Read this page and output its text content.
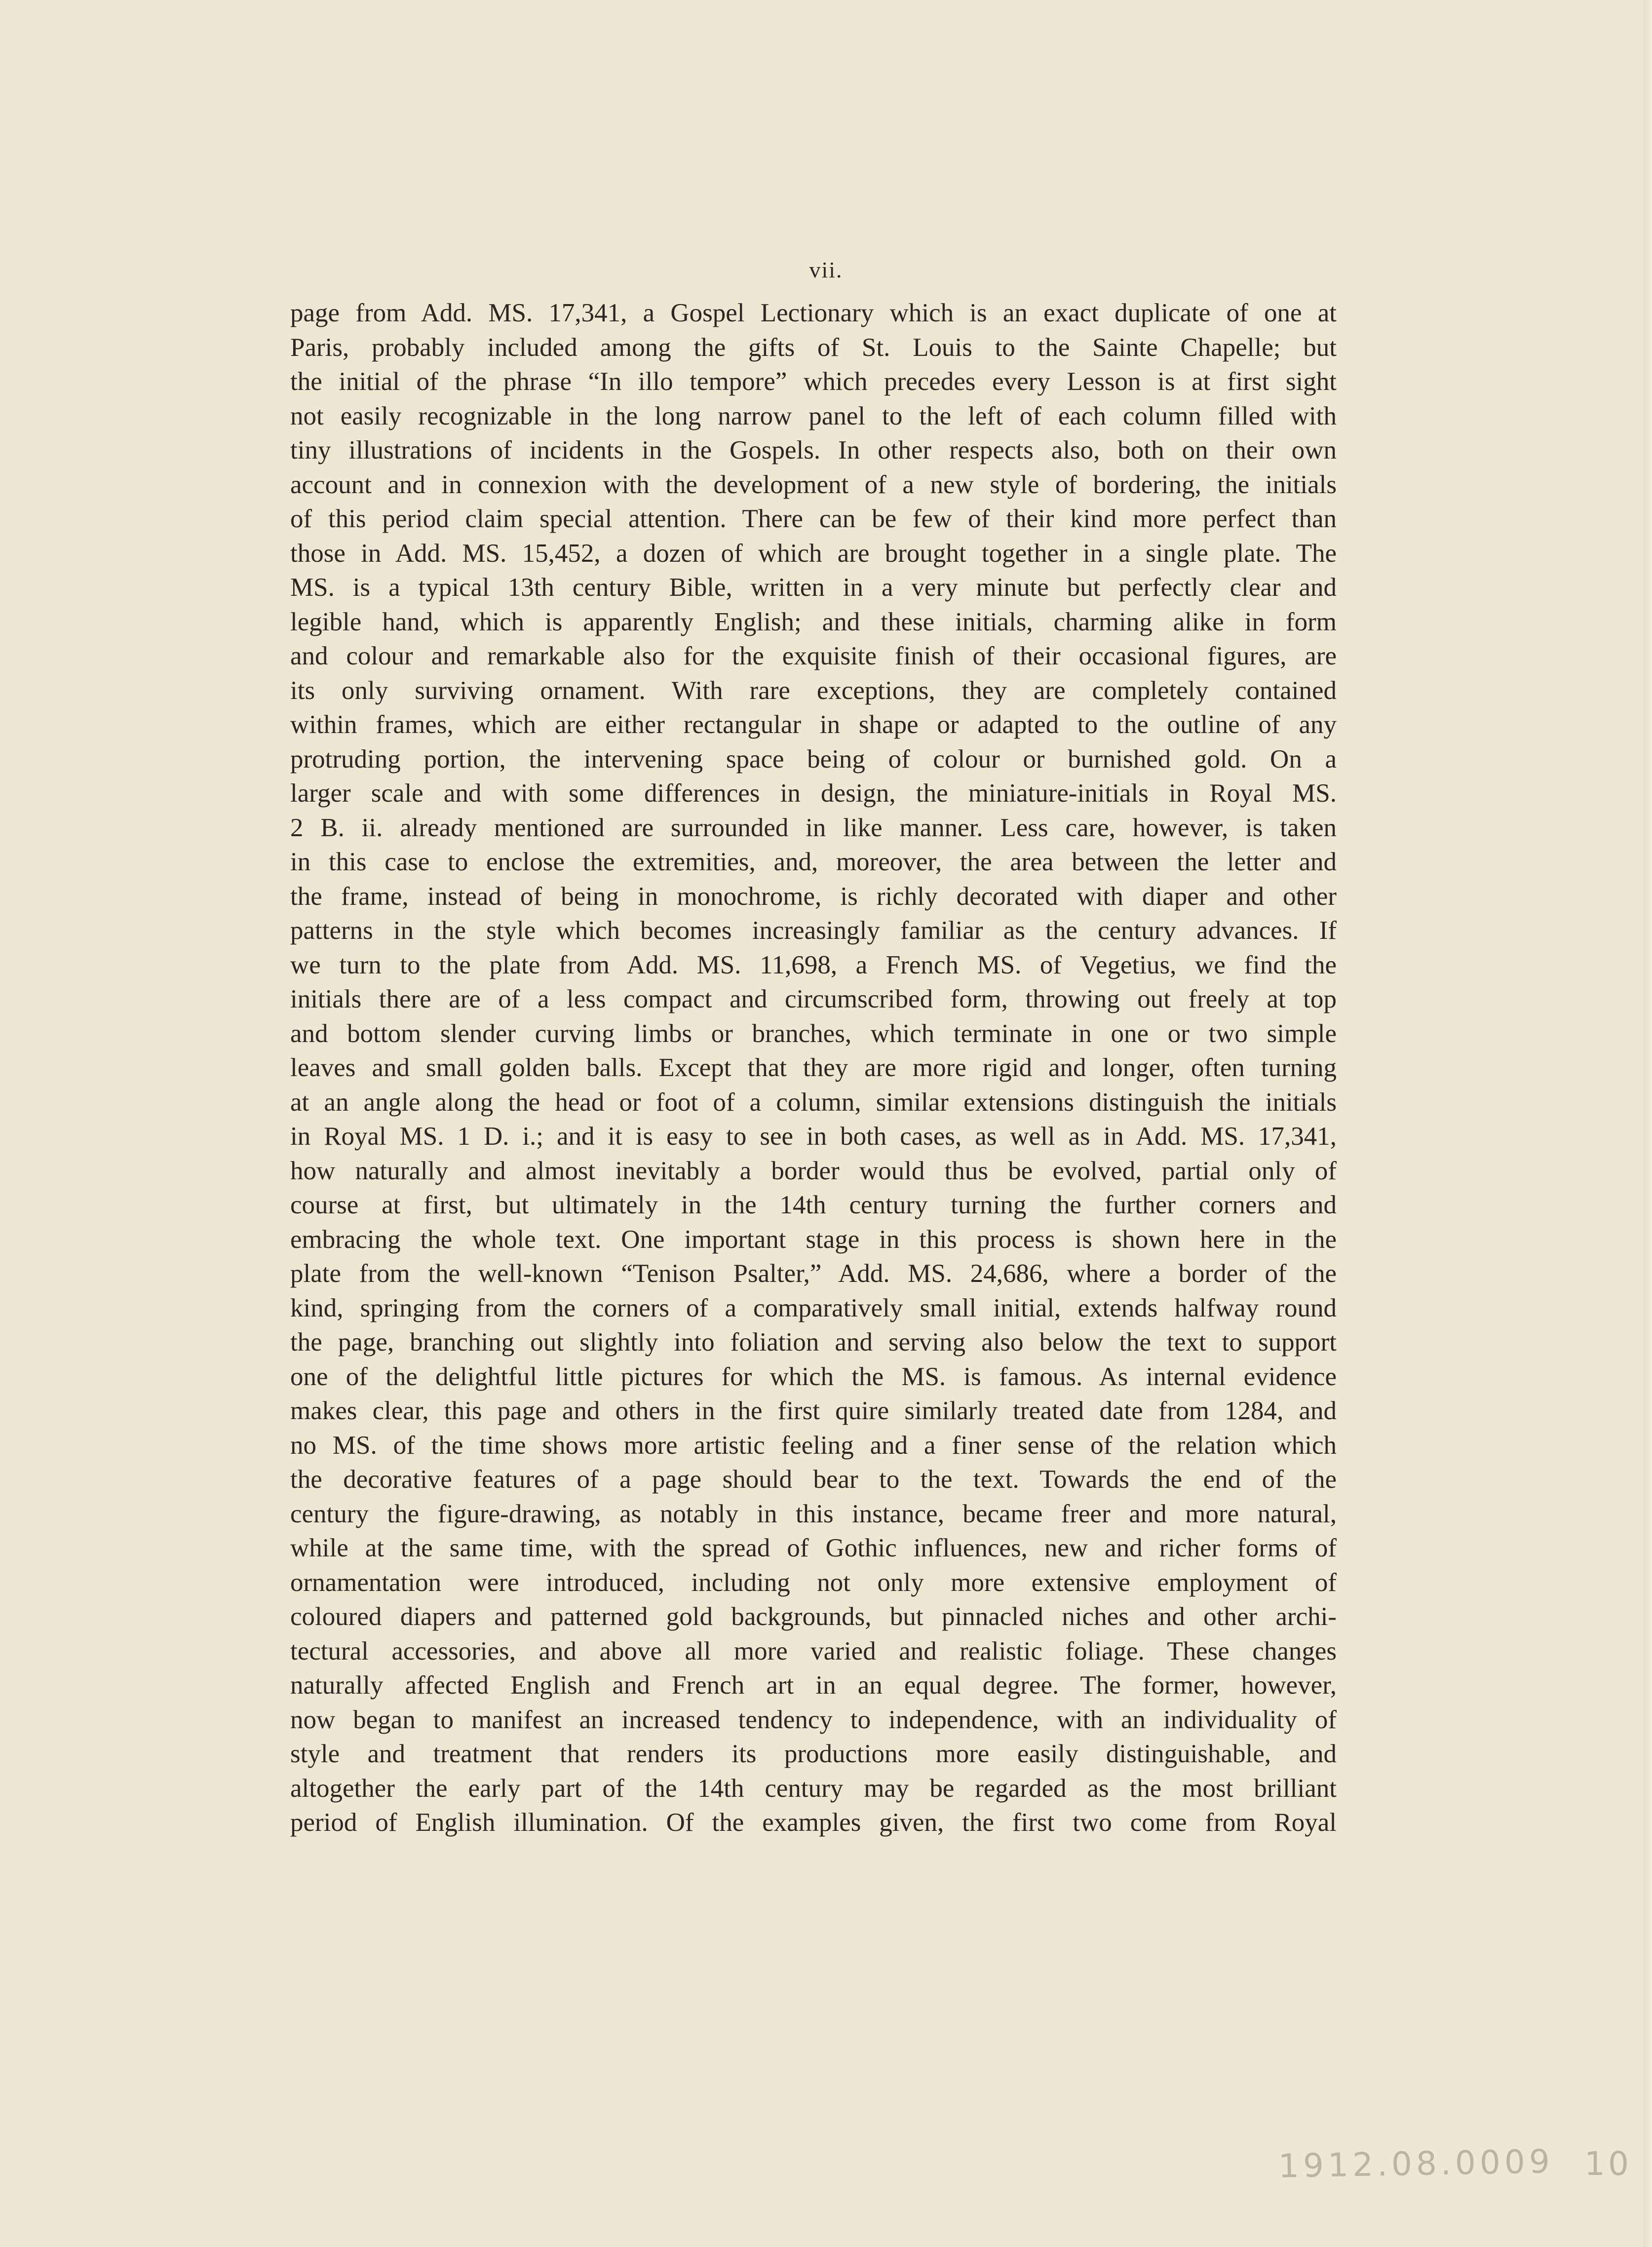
vii.
page from Add. MS. 17,341, a Gospel Lectionary which is an exact duplicate of one at
Paris, probably included among the gifts of St. Louis to the Sainte Chapelle; but
the initial of the phrase “In illo tempore” which precedes every Lesson is at first sight
not easily recognizable in the long narrow panel to the left of each column filled with
tiny illustrations of incidents in the Gospels. In other respects also, both on their own
account and in connexion with the development of a new style of bordering, the initials
of this period claim special attention. There can be few of their kind more perfect than
those in Add. MS. 15,452, a dozen of which are brought together in a single plate. The
MS. is a typical 13th century Bible, written in a very minute but perfectly clear and
legible hand, which is apparently English; and these initials, charming alike in form
and colour and remarkable also for the exquisite finish of their occasional figures, are
its only surviving ornament. With rare exceptions, they are completely contained
within frames, which are either rectangular in shape or adapted to the outline of any
protruding portion, the intervening space being of colour or burnished gold. On a
larger scale and with some differences in design, the miniature-initials in Royal MS.
2 B. ii. already mentioned are surrounded in like manner. Less care, however, is taken
in this case to enclose the extremities, and, moreover, the area between the letter and
the frame, instead of being in monochrome, is richly decorated with diaper and other
patterns in the style which becomes increasingly familiar as the century advances. If
we turn to the plate from Add. MS. 11,698, a French MS. of Vegetius, we find the
initials there are of a less compact and circumscribed form, throwing out freely at top
and bottom slender curving limbs or branches, which terminate in one or two simple
leaves and small golden balls. Except that they are more rigid and longer, often turning
at an angle along the head or foot of a column, similar extensions distinguish the initials
in Royal MS. 1 D. i.; and it is easy to see in both cases, as well as in Add. MS. 17,341,
how naturally and almost inevitably a border would thus be evolved, partial only of
course at first, but ultimately in the 14th century turning the further corners and
embracing the whole text. One important stage in this process is shown here in the
plate from the well-known “Tenison Psalter,” Add. MS. 24,686, where a border of the
kind, springing from the corners of a comparatively small initial, extends halfway round
the page, branching out slightly into foliation and serving also below the text to support
one of the delightful little pictures for which the MS. is famous. As internal evidence
makes clear, this page and others in the first quire similarly treated date from 1284, and
no MS. of the time shows more artistic feeling and a finer sense of the relation which
the decorative features of a page should bear to the text. Towards the end of the
century the figure-drawing, as notably in this instance, became freer and more natural,
while at the same time, with the spread of Gothic influences, new and richer forms of
ornamentation were introduced, including not only more extensive employment of
coloured diapers and patterned gold backgrounds, but pinnacled niches and other archi-
tectural accessories, and above all more varied and realistic foliage. These changes
naturally affected English and French art in an equal degree. The former, however,
now began to manifest an increased tendency to independence, with an individuality of
style and treatment that renders its productions more easily distinguishable, and
altogether the early part of the 14th century may be regarded as the most brilliant
period of English illumination. Of the examples given, the first two come from Royal
1912.08.0009 10
